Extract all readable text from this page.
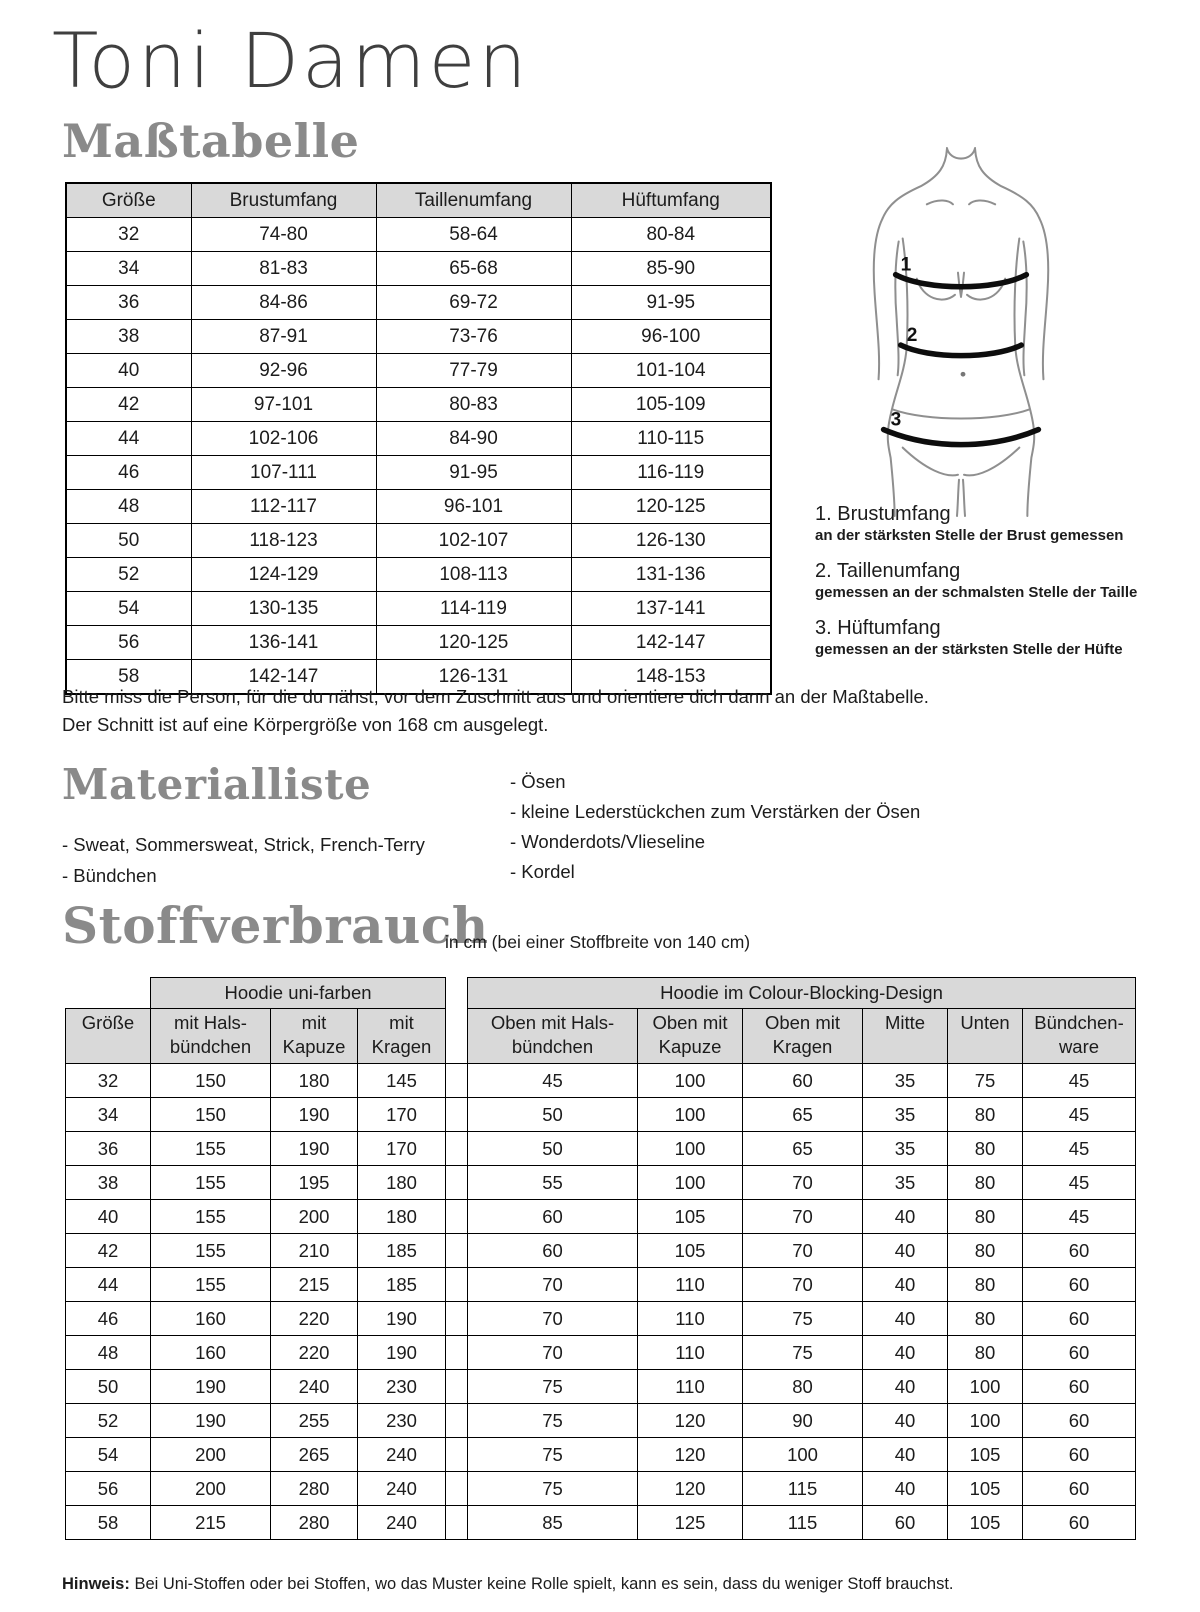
Toni Damen
Maßtabelle
Größe	Brustumfang	Taillenumfang	Hüftumfang
32	74-80	58-64	80-84
34	81-83	65-68	85-90
36	84-86	69-72	91-95
38	87-91	73-76	96-100
40	92-96	77-79	101-104
42	97-101	80-83	105-109
44	102-106	84-90	110-115
46	107-111	91-95	116-119
48	112-117	96-101	120-125
50	118-123	102-107	126-130
52	124-129	108-113	131-136
54	130-135	114-119	137-141
56	136-141	120-125	142-147
58	142-147	126-131	148-153
1
2
3
1. Brustumfang
an der stärksten Stelle der Brust gemessen
2. Taillenumfang
gemessen an der schmalsten Stelle der Taille
3. Hüftumfang
gemessen an der stärksten Stelle der Hüfte
Bitte miss die Person, für die du nähst, vor dem Zuschnitt aus und orientiere dich dann an der Maßtabelle.
Der Schnitt ist auf eine Körpergröße von 168 cm ausgelegt.
Materialliste
- Sweat, Sommersweat, Strick, French-Terry
- Bündchen
- Ösen
- kleine Lederstückchen zum Verstärken der Ösen
- Wonderdots/Vlieseline
- Kordel
Stoffverbrauch
in cm (bei einer Stoffbreite von 140 cm)
	Hoodie uni-farben				Hoodie im Colour-Blocking-Design					
Größe	mit Hals-bündchen	mit Kapuze	mit Kragen		Oben mit Hals-bündchen	Oben mit Kapuze	Oben mit Kragen	Mitte	Unten	Bündchen-ware
32	150	180	145		45	100	60	35	75	45
34	150	190	170		50	100	65	35	80	45
36	155	190	170		50	100	65	35	80	45
38	155	195	180		55	100	70	35	80	45
40	155	200	180		60	105	70	40	80	45
42	155	210	185		60	105	70	40	80	60
44	155	215	185		70	110	70	40	80	60
46	160	220	190		70	110	75	40	80	60
48	160	220	190		70	110	75	40	80	60
50	190	240	230		75	110	80	40	100	60
52	190	255	230		75	120	90	40	100	60
54	200	265	240		75	120	100	40	105	60
56	200	280	240		75	120	115	40	105	60
58	215	280	240		85	125	115	60	105	60
Hinweis: Bei Uni-Stoffen oder bei Stoffen, wo das Muster keine Rolle spielt, kann es sein, dass du weniger Stoff brauchst.
